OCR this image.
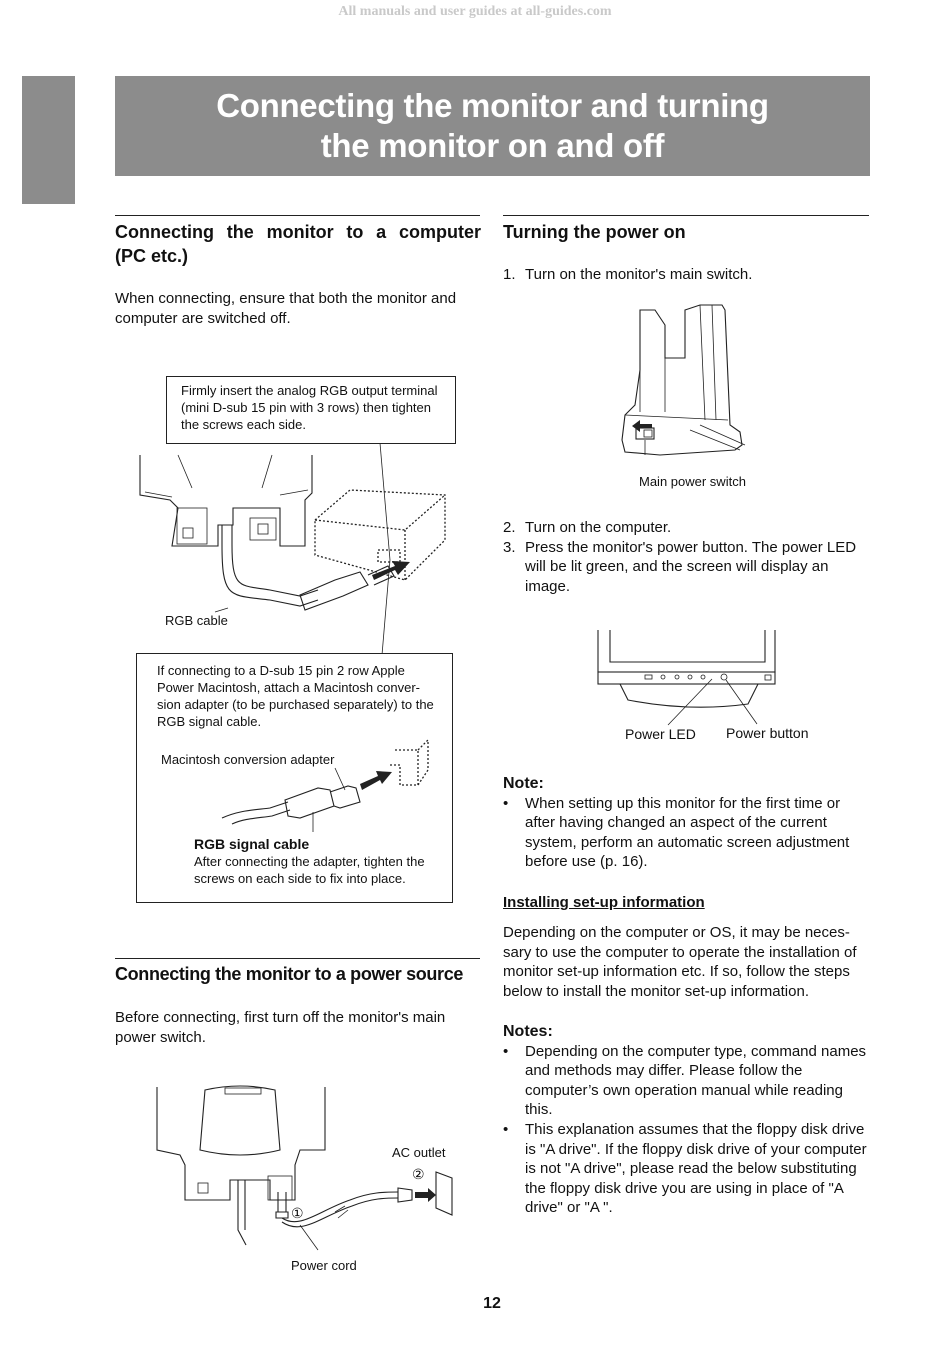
All manuals and user guides at all-guides.com
Connecting the monitor and turning
the monitor on and off
Connecting the monitor to a computer
(PC etc.)
When connecting, ensure that both the monitor and computer are switched off.
Firmly insert the analog RGB output terminal (mini D-sub 15 pin with 3 rows) then tighten the screws each side.
RGB cable
If connecting to a D-sub 15 pin 2 row Apple Power Macintosh, attach a Macintosh conver-sion adapter (to be purchased separately) to the RGB signal cable.
Macintosh conversion adapter
RGB signal cable
After connecting the adapter, tighten the screws on each side to fix into place.
Connecting the monitor to a power source
Before connecting, first turn off the monitor's main power switch.
①
②
AC outlet
Power cord
Turning the power on
1. Turn on the monitor's main switch.
Main power switch
2. Turn on the computer.
3. Press the monitor's power button. The power LED will be lit green, and the screen will display an image.
Power LED Power button
Note:
• When setting up this monitor for the first time or after having changed an aspect of the current system, perform an automatic screen adjustment before use (p. 16).
Installing set-up information
Depending on the computer or OS, it may be neces-sary to use the computer to operate the installation of monitor set-up information etc. If so, follow the steps below to install the monitor set-up information.
Notes:
• Depending on the computer type, command names and methods may differ. Please follow the computer’s own operation manual while reading this.
• This explanation assumes that the floppy disk drive is "A drive". If the floppy disk drive of your computer is not "A drive", please read the below substituting the floppy disk drive you are using in place of "A drive" or "A ".
12
